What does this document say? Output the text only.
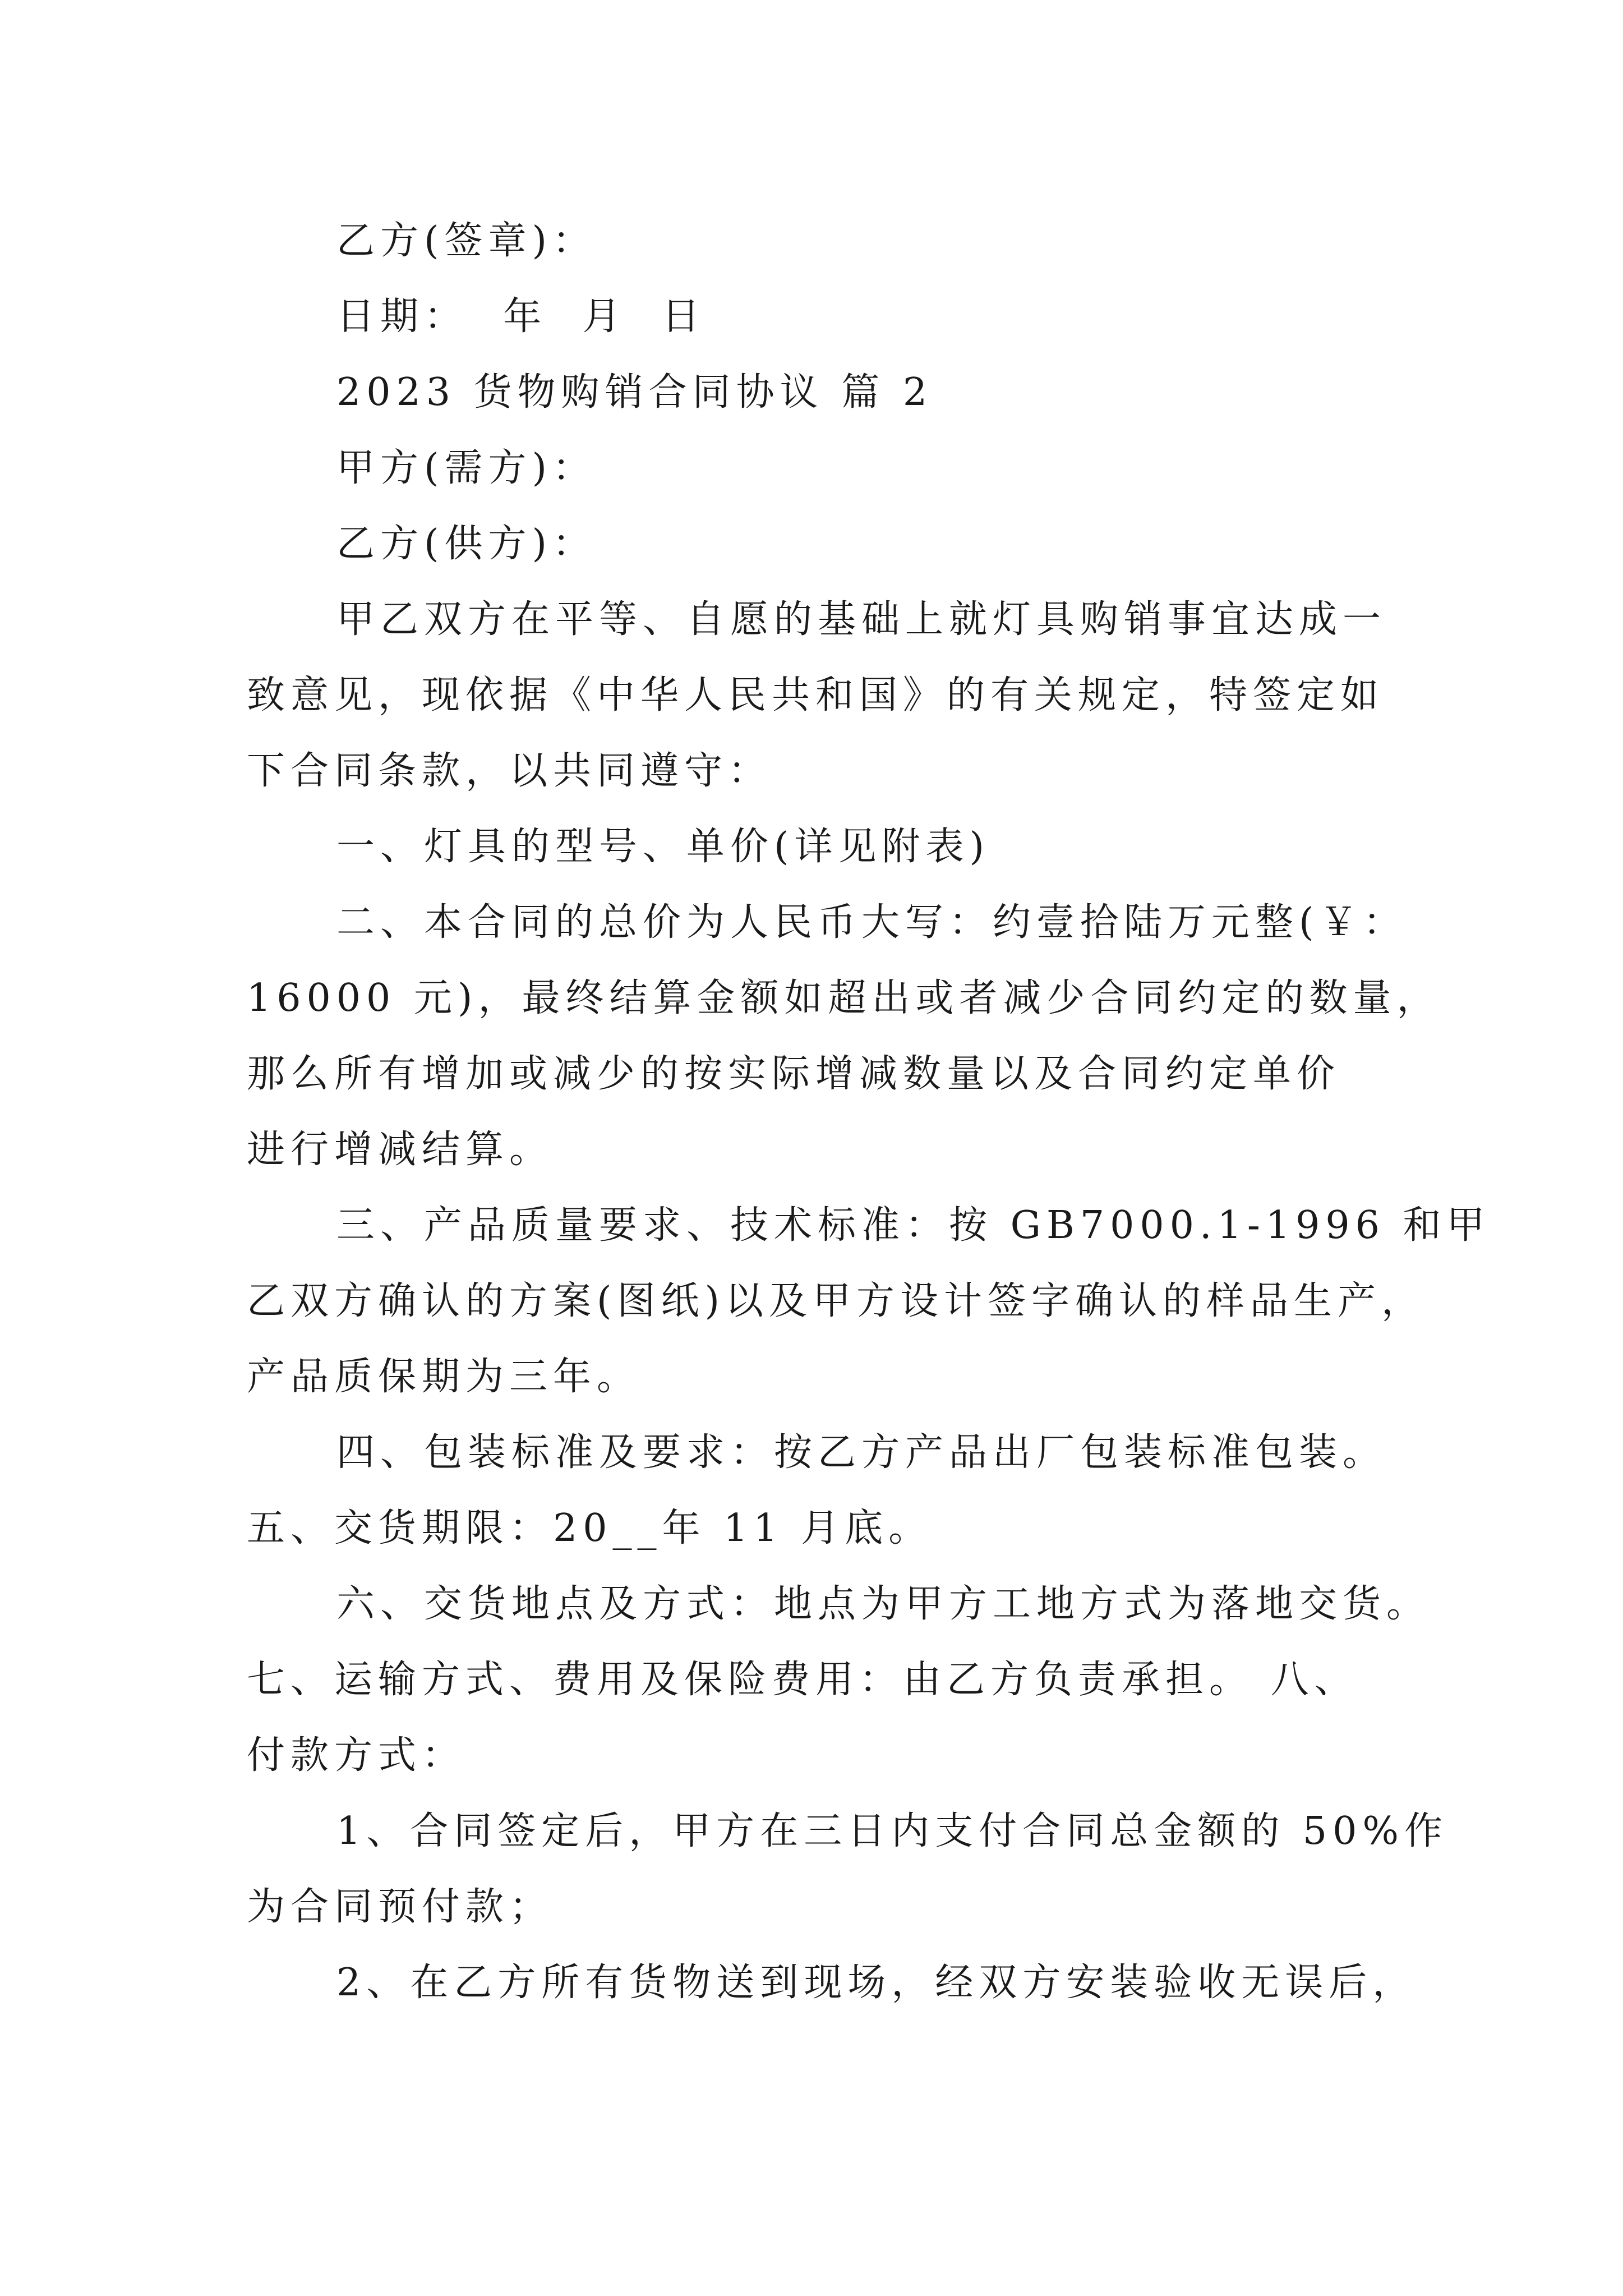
乙方(签章)：
日期：  年  月  日
2023 货物购销合同协议 篇 2
甲方(需方)：
乙方(供方)：
甲乙双方在平等、自愿的基础上就灯具购销事宜达成一
致意见，现依据《中华人民共和国》的有关规定，特签定如
下合同条款，以共同遵守：
一、灯具的型号、单价(详见附表)
二、本合同的总价为人民币大写：约壹拾陆万元整(￥：
16000 元)，最终结算金额如超出或者减少合同约定的数量，
那么所有增加或减少的按实际增减数量以及合同约定单价
进行增减结算。
三、产品质量要求、技术标准：按 GB7000.1-1996 和甲
乙双方确认的方案(图纸)以及甲方设计签字确认的样品生产，
产品质保期为三年。
四、包装标准及要求：按乙方产品出厂包装标准包装。
五、交货期限：20__年 11 月底。
六、交货地点及方式：地点为甲方工地方式为落地交货。
七、运输方式、费用及保险费用：由乙方负责承担。 八、
付款方式：
1、合同签定后，甲方在三日内支付合同总金额的 50%作
为合同预付款；
2、在乙方所有货物送到现场，经双方安装验收无误后，
